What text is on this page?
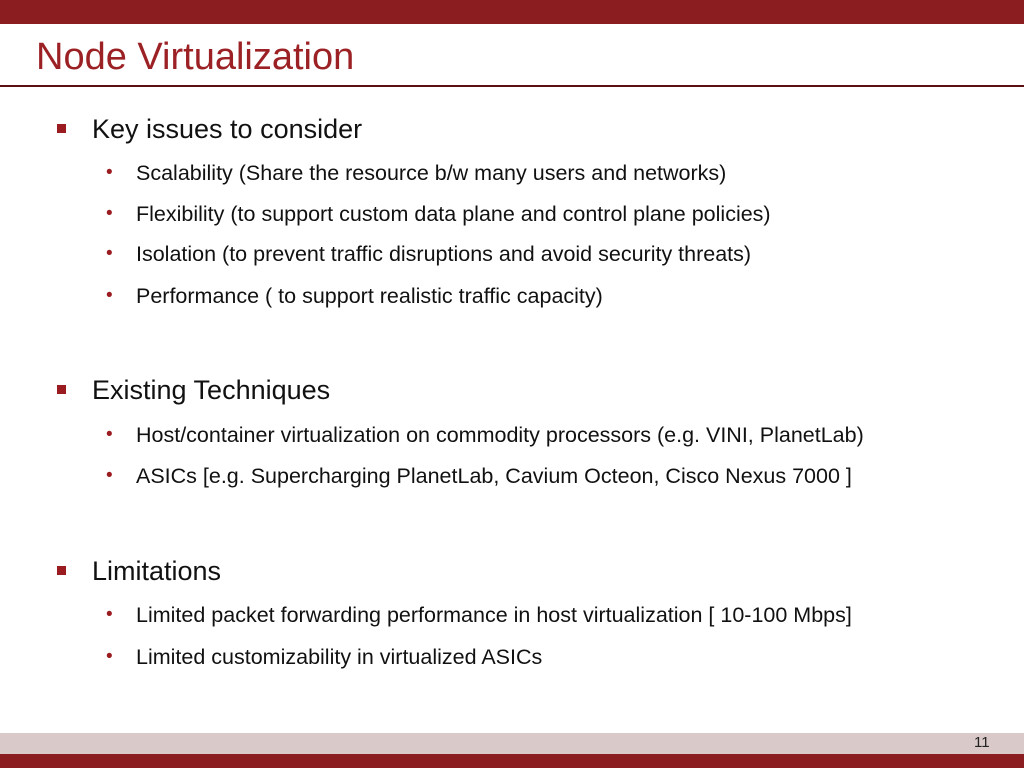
Node Virtualization
Key issues to consider
• Scalability (Share the resource b/w many users and networks)
• Flexibility (to support custom data plane and control plane policies)
• Isolation (to prevent traffic disruptions and avoid security threats)
• Performance ( to support realistic traffic capacity)
Existing Techniques
• Host/container virtualization on commodity processors (e.g. VINI, PlanetLab)
• ASICs [e.g. Supercharging PlanetLab, Cavium Octeon, Cisco Nexus 7000 ]
Limitations
• Limited packet forwarding performance in host virtualization [ 10-100 Mbps]
• Limited customizability in virtualized ASICs
11
